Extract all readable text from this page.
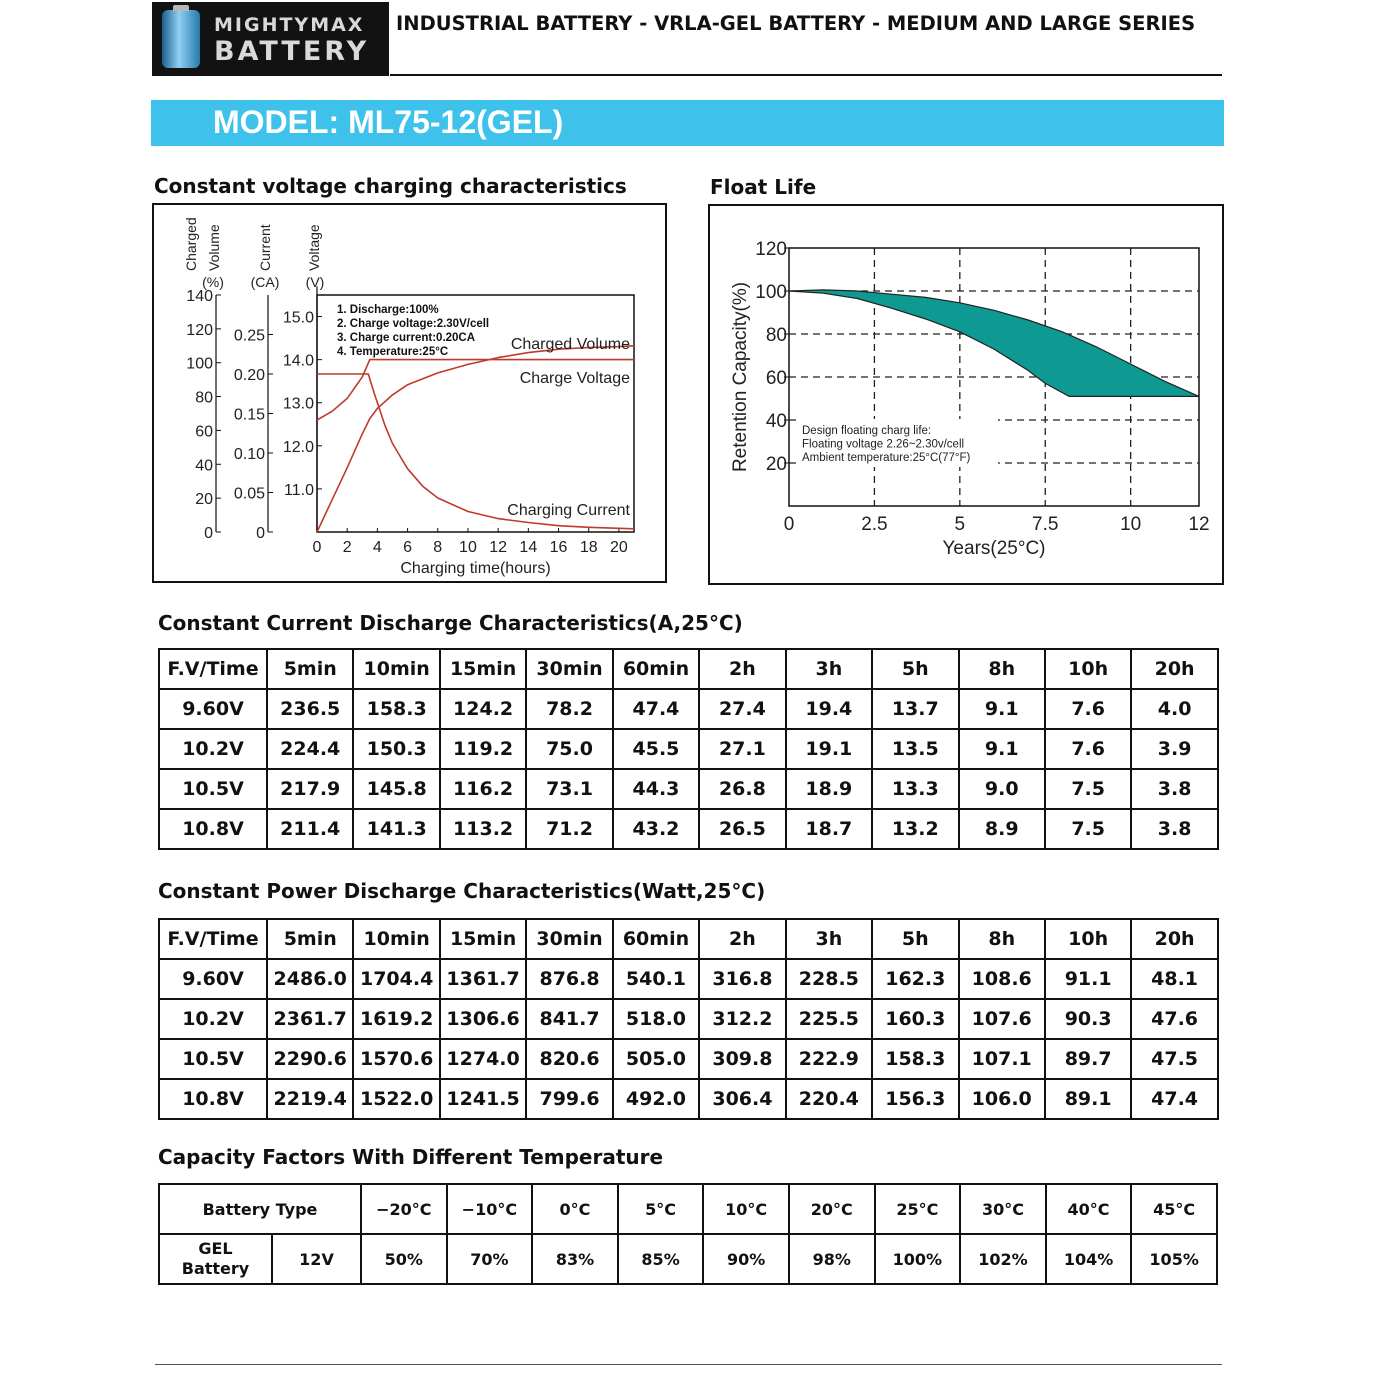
MIGHTYMAX
BATTERY
INDUSTRIAL BATTERY - VRLA-GEL BATTERY - MEDIUM AND LARGE SERIES
MODEL: ML75-12(GEL)
Constant voltage charging characteristics
0
20
40
60
80
100
120
140
0
0.05
0.10
0.15
0.20
0.25
11.0
12.0
13.0
14.0
15.0
Charged Volume	Current Voltage
(%) (CA) (V)
0 2 4 6 8 10 12 14 16 18 20
Charging time(hours)
1. Discharge:100%
2. Charge voltage:2.30V/cell
3. Charge current:0.20CA
4. Temperature:25°C	Charged Volume
Charge Voltage
Charging Current
Float Life
Design floating charg life:
Floating voltage 2.26~2.30v/cell
Ambient temperature:25°C(77°F)
20
40
60
80
100
120
0	2.5	5	7.5	10 12
Years(25°C)
Retention Capacity(%)
Constant Current Discharge Characteristics(A,25°C)
F.V/Time	5min	10min	15min	30min	60min	2h	3h	5h	8h	10h	20h
9.60V	236.5	158.3	124.2	78.2	47.4	27.4	19.4	13.7	9.1	7.6	4.0
10.2V	224.4	150.3	119.2	75.0	45.5	27.1	19.1	13.5	9.1	7.6	3.9
10.5V	217.9	145.8	116.2	73.1	44.3	26.8	18.9	13.3	9.0	7.5	3.8
10.8V	211.4	141.3	113.2	71.2	43.2	26.5	18.7	13.2	8.9	7.5	3.8
Constant Power Discharge Characteristics(Watt,25°C)
F.V/Time	5min	10min	15min	30min	60min	2h	3h	5h	8h	10h	20h
9.60V	2486.0	1704.4	1361.7	876.8	540.1	316.8	228.5	162.3	108.6	91.1	48.1
10.2V	2361.7	1619.2	1306.6	841.7	518.0	312.2	225.5	160.3	107.6	90.3	47.6
10.5V	2290.6	1570.6	1274.0	820.6	505.0	309.8	222.9	158.3	107.1	89.7	47.5
10.8V	2219.4	1522.0	1241.5	799.6	492.0	306.4	220.4	156.3	106.0	89.1	47.4
Capacity Factors With Different Temperature
Battery Type		−20°C	−10°C	0°C	5°C	10°C	20°C	25°C	30°C	40°C	45°C

GEL
Battery	12V	50%	70%	83%	85%	90%	98%	100%	102%	104%	105%
